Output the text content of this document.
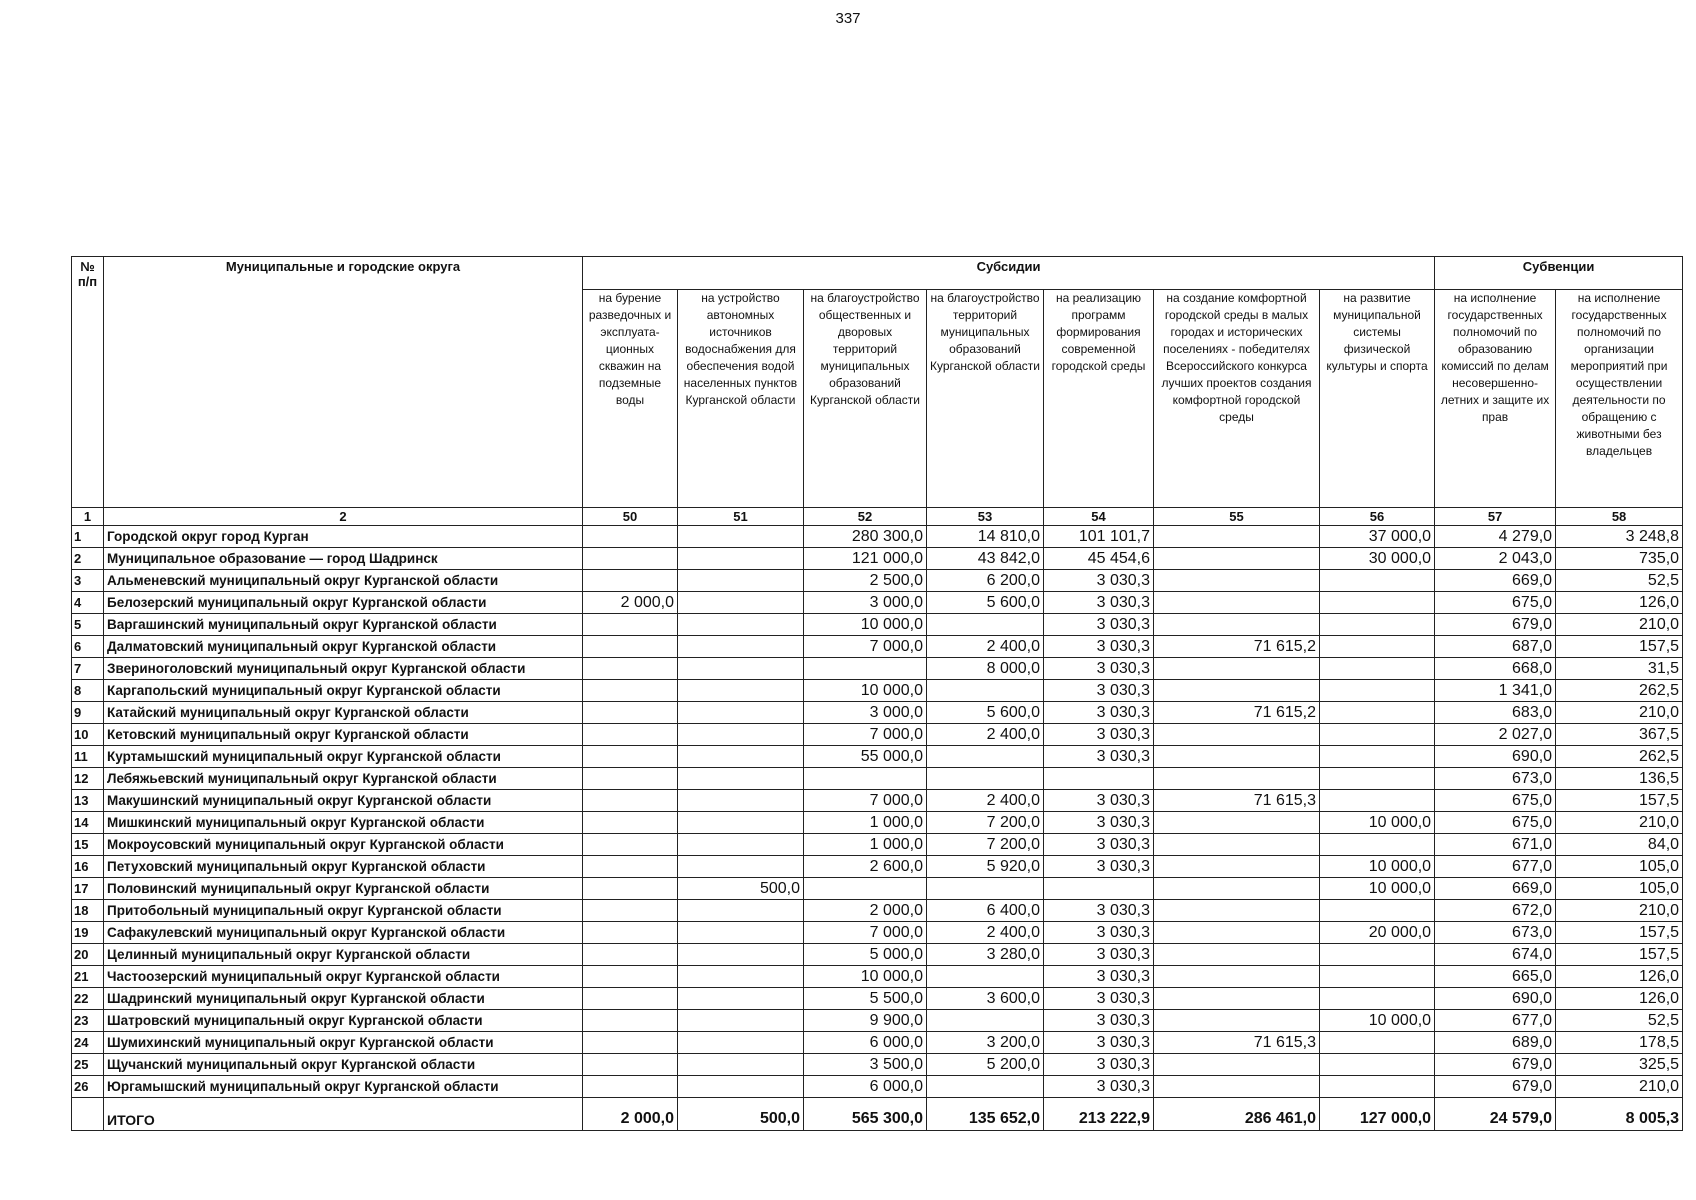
337
№ п/п	Муниципальные и городские округа	Субсидии							Субвенции	
		на бурение разведочных и эксплуата-ционных скважин на подземные воды	на устройство автономных источников водоснабжения для обеспечения водой населенных пунктов Курганской области	на благоустройство общественных и дворовых территорий муниципальных образований Курганской области	на благоустройство территорий муниципальных образований Курганской области	на реализацию программ формирования современной городской среды	на создание комфортной городской среды в малых городах и исторических поселениях - победителях Всероссийского конкурса лучших проектов создания комфортной городской среды	на развитие муниципальной системы физической культуры и спорта	на исполнение государственных полномочий по образованию комиссий по делам несовершенно-летних и защите их прав	на исполнение государственных полномочий по организации мероприятий при осуществлении деятельности по обращению с животными без владельцев
1	2	50	51	52	53	54	55	56	57	58
1	Городской округ город Курган			280 300,0	14 810,0	101 101,7		37 000,0	4 279,0	3 248,8
2	Муниципальное образование — город Шадринск			121 000,0	43 842,0	45 454,6		30 000,0	2 043,0	735,0
3	Альменевский муниципальный округ Курганской области			2 500,0	6 200,0	3 030,3			669,0	52,5
4	Белозерский муниципальный округ Курганской области	2 000,0		3 000,0	5 600,0	3 030,3			675,0	126,0
5	Варгашинский муниципальный округ Курганской области			10 000,0		3 030,3			679,0	210,0
6	Далматовский муниципальный округ Курганской области			7 000,0	2 400,0	3 030,3	71 615,2		687,0	157,5
7	Звериноголовский муниципальный округ Курганской области				8 000,0	3 030,3			668,0	31,5
8	Каргапольский муниципальный округ Курганской области			10 000,0		3 030,3			1 341,0	262,5
9	Катайский муниципальный округ Курганской области			3 000,0	5 600,0	3 030,3	71 615,2		683,0	210,0
10	Кетовский муниципальный округ Курганской области			7 000,0	2 400,0	3 030,3			2 027,0	367,5
11	Куртамышский муниципальный округ Курганской области			55 000,0		3 030,3			690,0	262,5
12	Лебяжьевский муниципальный округ Курганской области								673,0	136,5
13	Макушинский муниципальный округ Курганской области			7 000,0	2 400,0	3 030,3	71 615,3		675,0	157,5
14	Мишкинский муниципальный округ Курганской области			1 000,0	7 200,0	3 030,3		10 000,0	675,0	210,0
15	Мокроусовский муниципальный округ Курганской области			1 000,0	7 200,0	3 030,3			671,0	84,0
16	Петуховский муниципальный округ Курганской области			2 600,0	5 920,0	3 030,3		10 000,0	677,0	105,0
17	Половинский муниципальный округ Курганской области		500,0					10 000,0	669,0	105,0
18	Притобольный муниципальный округ Курганской области			2 000,0	6 400,0	3 030,3			672,0	210,0
19	Сафакулевский муниципальный округ Курганской области			7 000,0	2 400,0	3 030,3		20 000,0	673,0	157,5
20	Целинный муниципальный округ Курганской области			5 000,0	3 280,0	3 030,3			674,0	157,5
21	Частоозерский муниципальный округ Курганской области			10 000,0		3 030,3			665,0	126,0
22	Шадринский муниципальный округ Курганской области			5 500,0	3 600,0	3 030,3			690,0	126,0
23	Шатровский муниципальный округ Курганской области			9 900,0		3 030,3		10 000,0	677,0	52,5
24	Шумихинский муниципальный округ Курганской области			6 000,0	3 200,0	3 030,3	71 615,3		689,0	178,5
25	Щучанский муниципальный округ Курганской области			3 500,0	5 200,0	3 030,3			679,0	325,5
26	Юргамышский муниципальный округ Курганской области			6 000,0		3 030,3			679,0	210,0
	ИТОГО	2 000,0	500,0	565 300,0	135 652,0	213 222,9	286 461,0	127 000,0	24 579,0	8 005,3
